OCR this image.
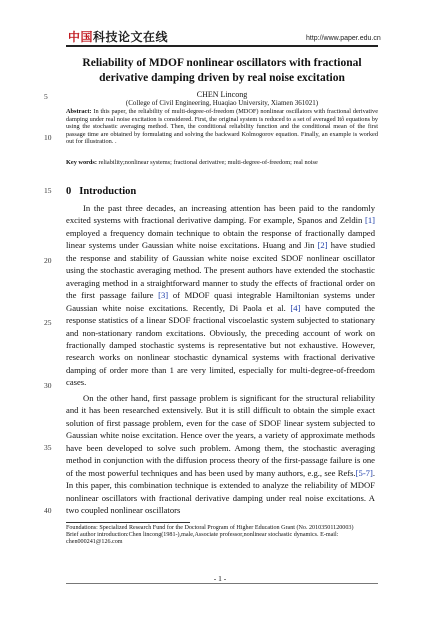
中国科技论文在线	http://www.paper.edu.cn
Reliability of MDOF nonlinear oscillators with fractional
derivative damping driven by real noise excitation
CHEN Lincong
(College of Civil Engineering, Huaqiao University, Xiamen 361021)
Abstract: In this paper, the reliability of multi-degree-of-freedom (MDOF) nonlinear oscillators with fractional derivative damping under real noise excitation is considered. First, the original system is reduced to a set of averaged Itô equations by using the stochastic averaging method. Then, the conditional reliability function and the conditional mean of the first passage time are obtained by formulating and solving the backward Kolmogorov equation. Finally, an example is worked out for illustration. .
Key words: reliability;nonlinear systems; fractional derivative; multi-degree-of-freedom; real noise
5
10
15
20
25
30
35
40
0 Introduction

In the past three decades, an increasing attention has been paid to the randomly excited systems with fractional derivative damping. For example, Spanos and Zeldin [1] employed a frequency domain technique to obtain the response of fractionally damped linear systems under Gaussian white noise excitations. Huang and Jin [2] have studied the response and stability of Gaussian white noise excited SDOF nonlinear oscillator using the stochastic averaging method. The present authors have extended the stochastic averaging method in a straightforward manner to study the effects of fractional order on the first passage failure [3] of MDOF quasi integrable Hamiltonian systems under Gaussian white noise excitations. Recently, Di Paola et al. [4] have computed the response statistics of a linear SDOF fractional viscoelastic system subjected to stationary and non-stationary random excitations. Obviously, the preceding account of work on fractionally damped stochastic systems is representative but not exhaustive. However, research works on nonlinear stochastic dynamical systems with fractional derivative damping of order more than 1 are very limited, especially for multi-degree-of-freedom cases.

On the other hand, first passage problem is significant for the structural reliability and it has been researched extensively. But it is still difficult to obtain the simple exact solution of first passage problem, even for the case of SDOF linear system subjected to Gaussian white noise excitation. Hence over the years, a variety of approximate methods have been developed to solve such problem. Among them, the stochastic averaging method in conjunction with the diffusion process theory of the first-passage failure is one of the most powerful techniques and has been used by many authors, e.g., see Refs.[5-7]. In this paper, this combination technique is extended to analyze the reliability of MDOF nonlinear oscillators with fractional derivative damping under real noise excitations. A two coupled nonlinear oscillators

Foundations: Specialized Research Fund for the Doctoral Program of Higher Education Grant (No. 20103501120003)
Brief author introduction:Chen lincong(1981-),male,Associate professor,nonlinear stochastic dynamics. E-mail: chen000241@126.com
- 1 -
